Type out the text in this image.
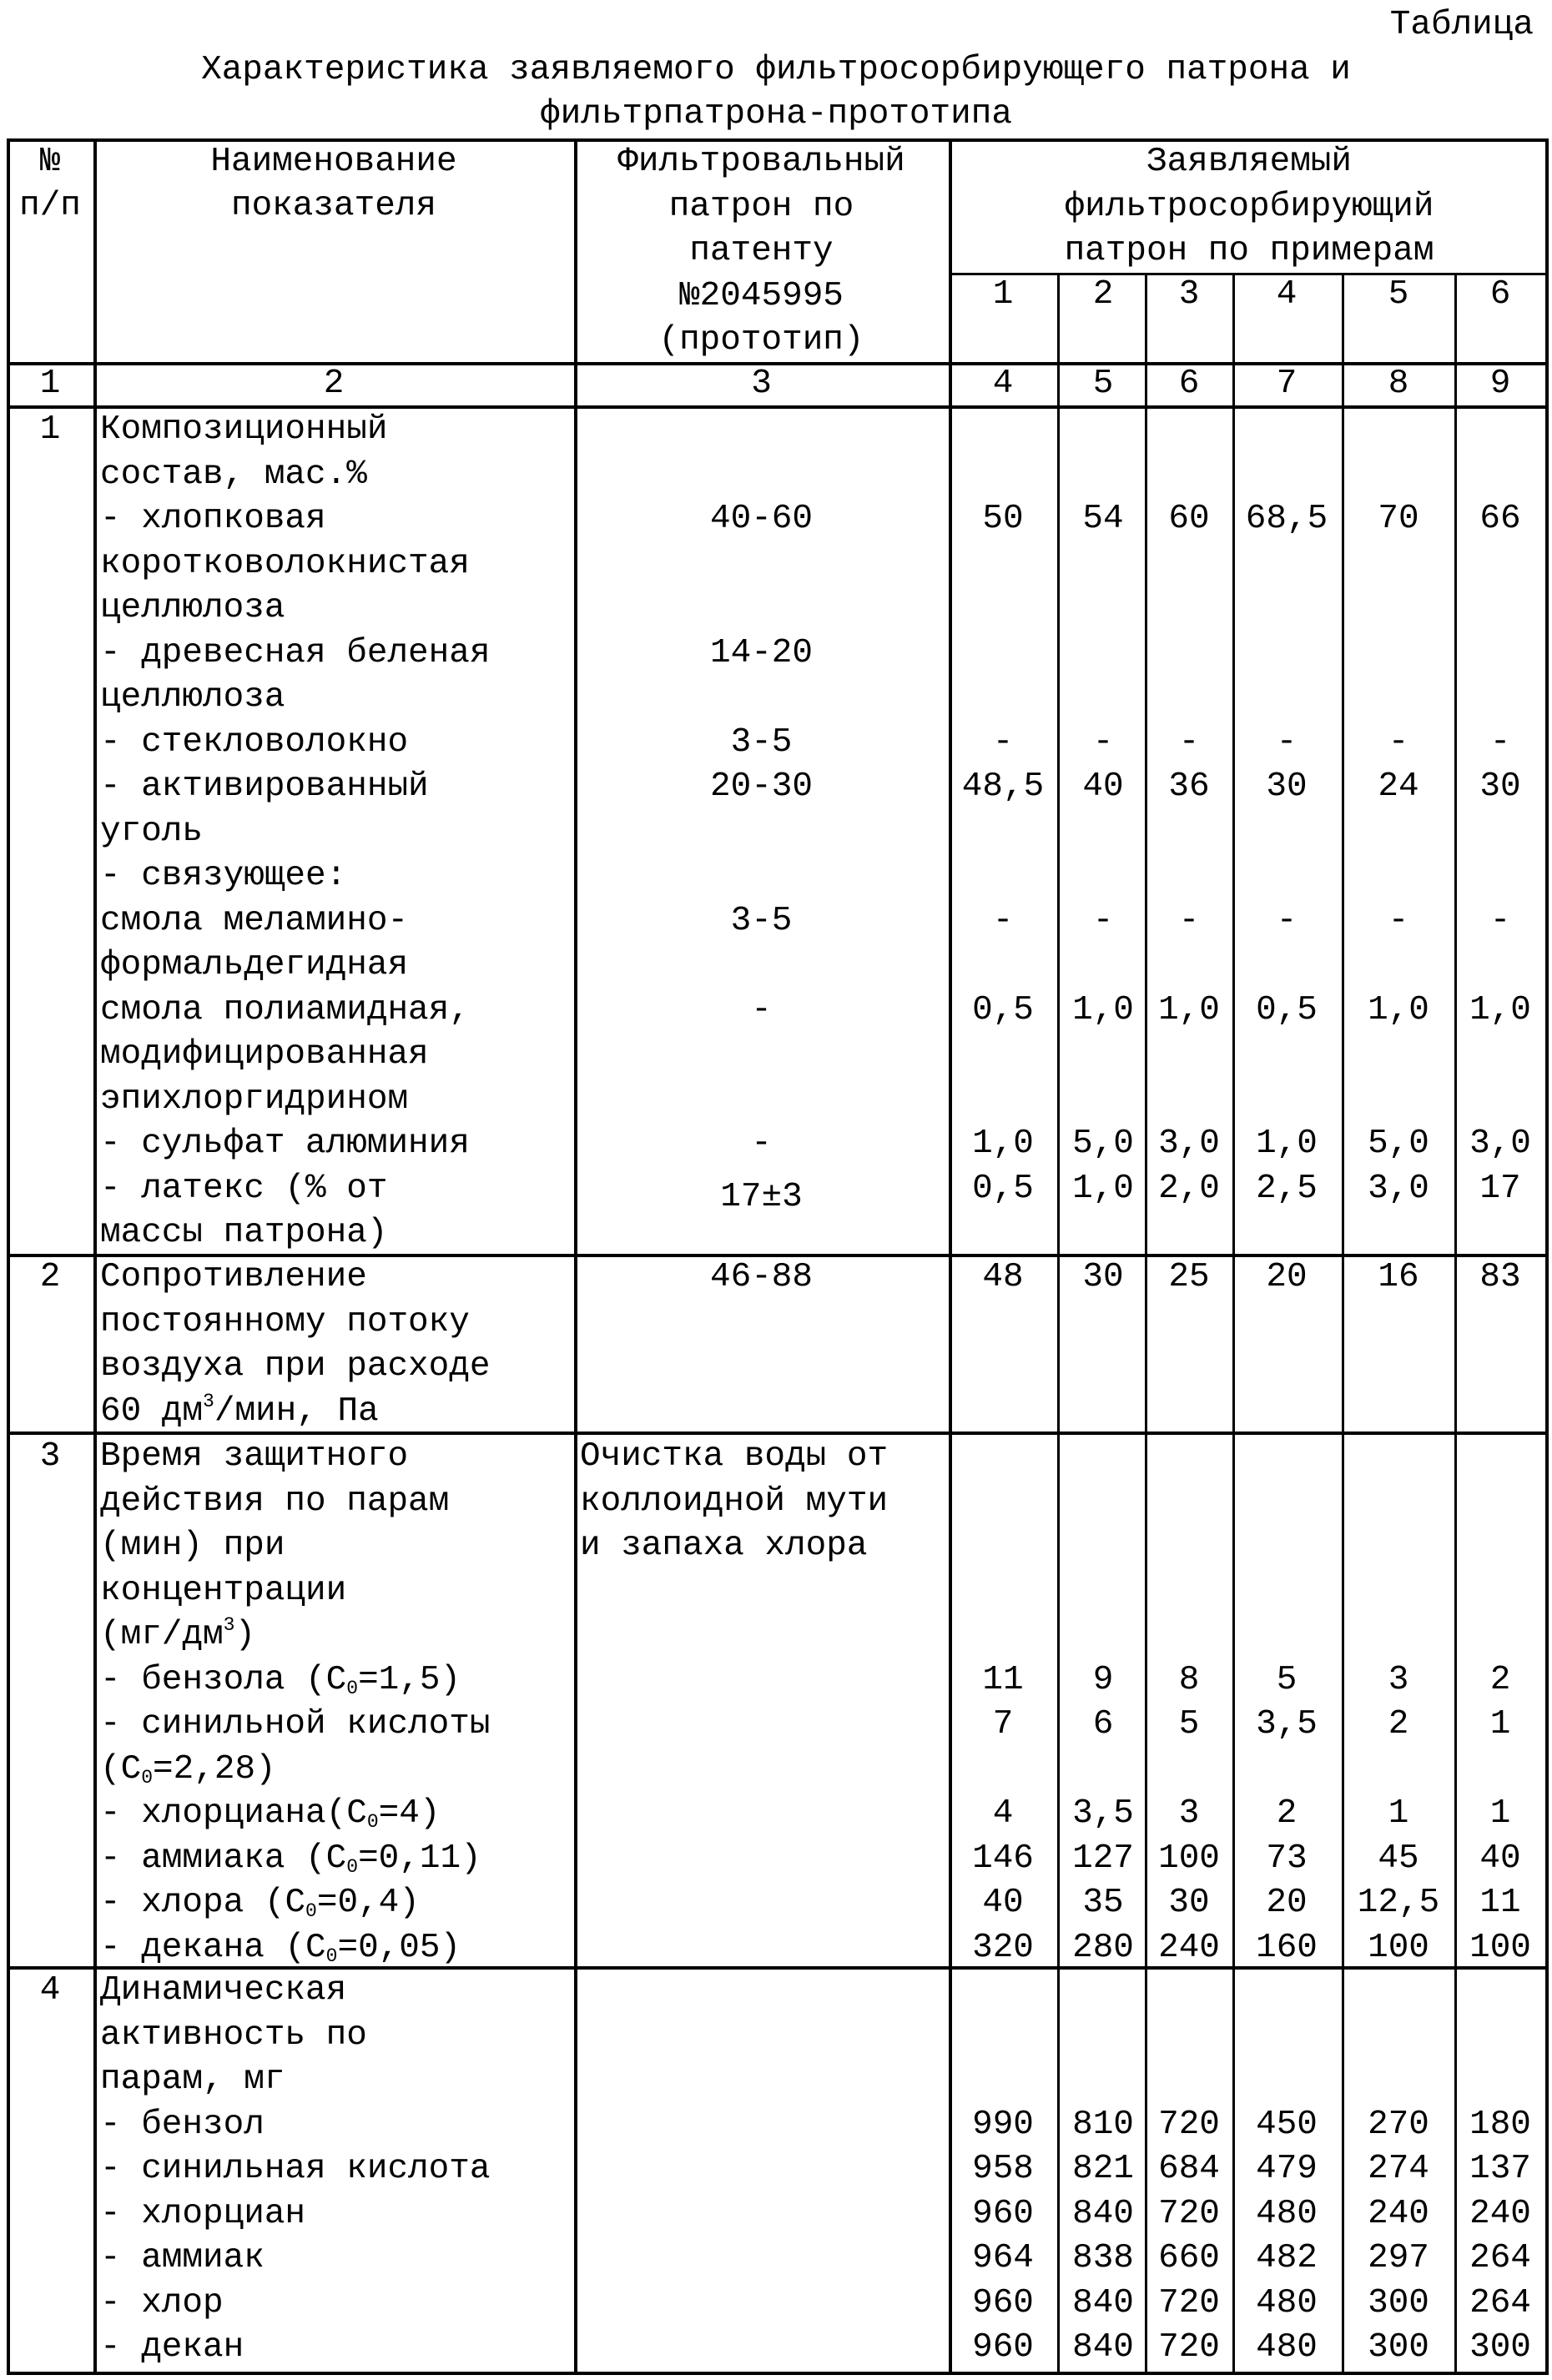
Таблица
Характеристика заявляемого фильтросорбирующего патрона и
фильтрпатрона-прототипа
№
п/п
Наименование
показателя
Фильтровальный
патрон по
патенту
№2045995
(прототип)
Заявляемый
фильтросорбирующий
патрон по примерам
1 2 3 4	5 6
1	2	3	4 5 6 7	8 9
1 Композиционный
состав, мас.%
- хлопковая
коротковолокнистая
целлюлоза
40-60	50 54 60 68,5 70 66
- древесная беленая
целлюлоза
14-20
- стекловолокно	3-5	- - - -	- -
- активированный
уголь
20-30	48,5 40 36 30 24 30
- связующее:
смола меламино-
формальдегидная
3-5	- - - -	- -
смола полиамидная,
модифицированная
эпихлоргидрином
-	0,5 1,0 1,0 0,5 1,0 1,0
- сульфат алюминия	-	1,0 5,0 3,0 1,0 5,0 3,0
- латекс (% от
массы патрона)
17±3	0,5 1,0 2,0 2,5 3,0 17
2 Сопротивление
постоянному потоку
воздуха при расходе
60 дм3/мин, Па
46-88	48 30 25 20 16 83
3 Время защитного
действия по парам
(мин) при
концентрации
(мг/дм3)
Очистка воды от
коллоидной мути
и запаха хлора
- бензола (C0=1,5)	11 9 8 5	3 2
- синильной кислоты
(C0=2,28)
7 6 5 3,5 2 1
- хлорциана(C0=4)	4 3,5 3 2	1 1
- аммиака (C0=0,11)	146 127 100 73 45 40
- хлора (C0=0,4)	40 35 30 20 12,5 11
- декана (C0=0,05)	320 280 240 160 100 100
4 Динамическая
активность по
парам, мг
- бензол	990 810 720 450 270 180
- синильная кислота	958 821 684 479 274 137
- хлорциан	960 840 720 480 240 240
- аммиак	964 838 660 482 297 264
- хлор	960 840 720 480 300 264
- декан	960 840 720 480 300 300
